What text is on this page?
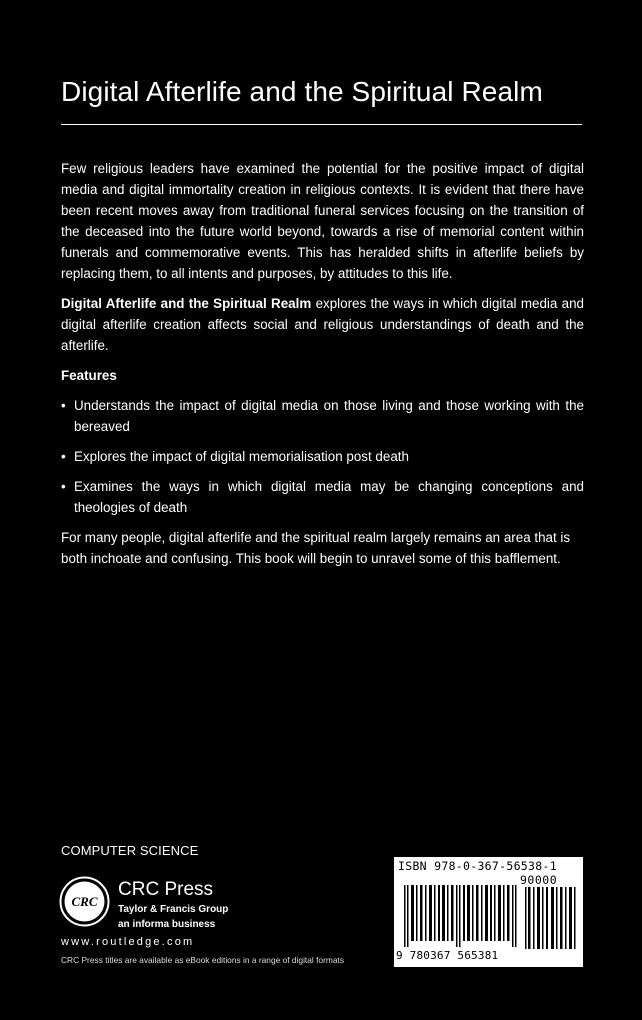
Digital Afterlife and the Spiritual Realm

Few religious leaders have examined the potential for the positive impact of digital media and digital immortality creation in religious contexts. It is evident that there have been recent moves away from traditional funeral services focusing on the transition of the deceased into the future world beyond, towards a rise of memorial content within funerals and commemorative events. This has heralded shifts in afterlife beliefs by replacing them, to all intents and purposes, by attitudes to this life.

Digital Afterlife and the Spiritual Realm explores the ways in which digital media and digital afterlife creation affects social and religious understandings of death and the afterlife.

Features
• Understands the impact of digital media on those living and those working with the bereaved
• Explores the impact of digital memorialisation post death
• Examines the ways in which digital media may be changing conceptions and theologies of death

For many people, digital afterlife and the spiritual realm largely remains an area that is both inchoate and confusing. This book will begin to unravel some of this bafflement.

COMPUTER SCIENCE
CRC
CRC Press
Taylor & Francis Group
an informa business
www.routledge.com
CRC Press titles are available as eBook editions in a range of digital formats
ISBN 978-0-367-56538-1
90000
9 780367 565381
